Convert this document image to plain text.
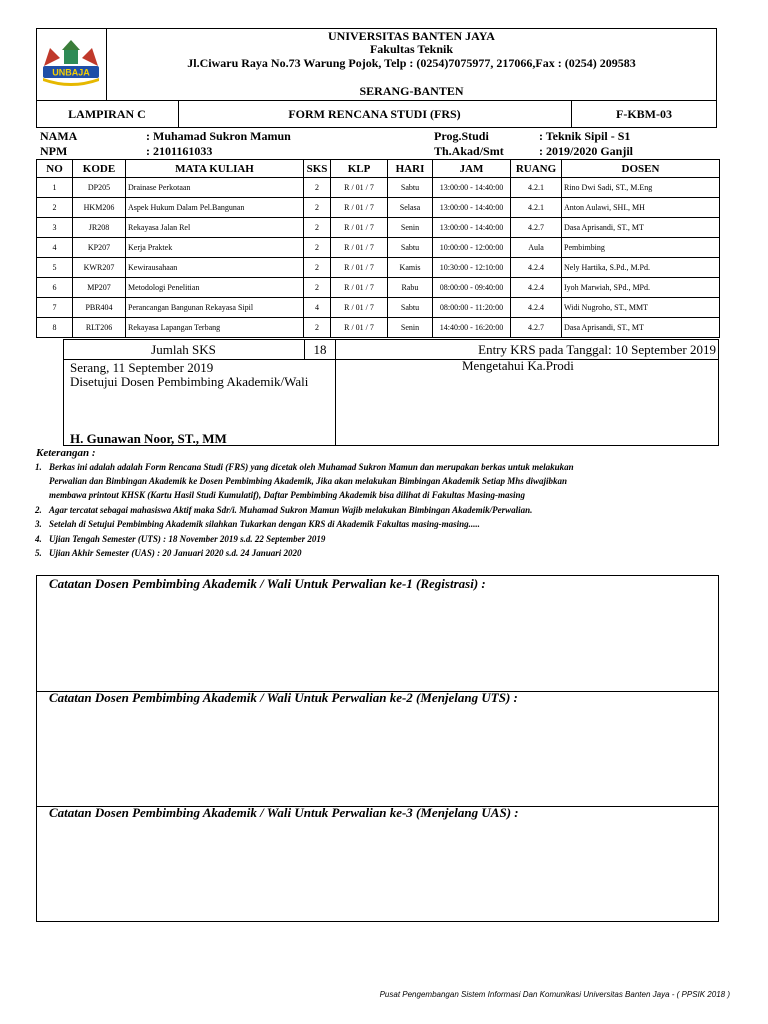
UNBAJA
UNIVERSITAS BANTEN JAYA
Fakultas Teknik
Jl.Ciwaru Raya No.73 Warung Pojok, Telp : (0254)7075977, 217066,Fax : (0254) 209583
SERANG-BANTEN
LAMPIRAN C	FORM RENCANA STUDI (FRS)	F-KBM-03
NAMA	: Muhamad Sukron Mamun
NPM	: 2101161033
Prog.Studi	: Teknik Sipil - S1
Th.Akad/Smt	: 2019/2020 Ganjil
NO	KODE	MATA KULIAH	SKS	KLP	HARI	JAM	RUANG	DOSEN
1	DP205	Drainase Perkotaan	2	R / 01 / 7	Sabtu	13:00:00 - 14:40:00	4.2.1	Rino Dwi Sadi, ST., M.Eng
2	HKM206	Aspek Hukum Dalam Pel.Bangunan	2	R / 01 / 7	Selasa	13:00:00 - 14:40:00	4.2.1	Anton Aulawi, SHI., MH
3	JR208	Rekayasa Jalan Rel	2	R / 01 / 7	Senin	13:00:00 - 14:40:00	4.2.7	Dasa Aprisandi, ST., MT
4	KP207	Kerja Praktek	2	R / 01 / 7	Sabtu	10:00:00 - 12:00:00	Aula	Pembimbing
5	KWR207	Kewirausahaan	2	R / 01 / 7	Kamis	10:30:00 - 12:10:00	4.2.4	Nely Hartika, S.Pd., M.Pd.
6	MP207	Metodologi Penelitian	2	R / 01 / 7	Rabu	08:00:00 - 09:40:00	4.2.4	Iyoh Marwiah, SPd., MPd.
7	PBR404	Perancangan Bangunan Rekayasa Sipil	4	R / 01 / 7	Sabtu	08:00:00 - 11:20:00	4.2.4	Widi Nugroho, ST., MMT
8	RLT206	Rekayasa Lapangan Terbang	2	R / 01 / 7	Senin	14:40:00 - 16:20:00	4.2.7	Dasa Aprisandi, ST., MT
Jumlah SKS	18	Entry KRS pada Tanggal: 10 September 2019
Serang, 11 September 2019
Disetujui Dosen Pembimbing Akademik/Wali
H. Gunawan Noor, ST., MM
Mengetahui Ka.Prodi
Keterangan :
1. Berkas ini adalah adalah Form Rencana Studi (FRS) yang dicetak oleh Muhamad Sukron Mamun dan merupakan berkas untuk melakukan
Perwalian dan Bimbingan Akademik ke Dosen Pembimbing Akademik, Jika akan melakukan Bimbingan Akademik Setiap Mhs diwajibkan
membawa printout KHSK (Kartu Hasil Studi Kumulatif), Daftar Pembimbing Akademik bisa dilihat di Fakultas Masing-masing
2. Agar tercatat sebagai mahasiswa Aktif maka Sdr/i. Muhamad Sukron Mamun Wajib melakukan Bimbingan Akademik/Perwalian.
3. Setelah di Setujui Pembimbing Akademik silahkan Tukarkan dengan KRS di Akademik Fakultas masing-masing.....
4. Ujian Tengah Semester (UTS) : 18 November 2019 s.d. 22 September 2019
5. Ujian Akhir Semester (UAS) : 20 Januari 2020 s.d. 24 Januari 2020
Catatan Dosen Pembimbing Akademik / Wali Untuk Perwalian ke-1 (Registrasi) :
Catatan Dosen Pembimbing Akademik / Wali Untuk Perwalian ke-2 (Menjelang UTS) :
Catatan Dosen Pembimbing Akademik / Wali Untuk Perwalian ke-3 (Menjelang UAS) :
Pusat Pengembangan Sistem Informasi Dan Komunikasi Universitas Banten Jaya - ( PPSIK 2018 )
